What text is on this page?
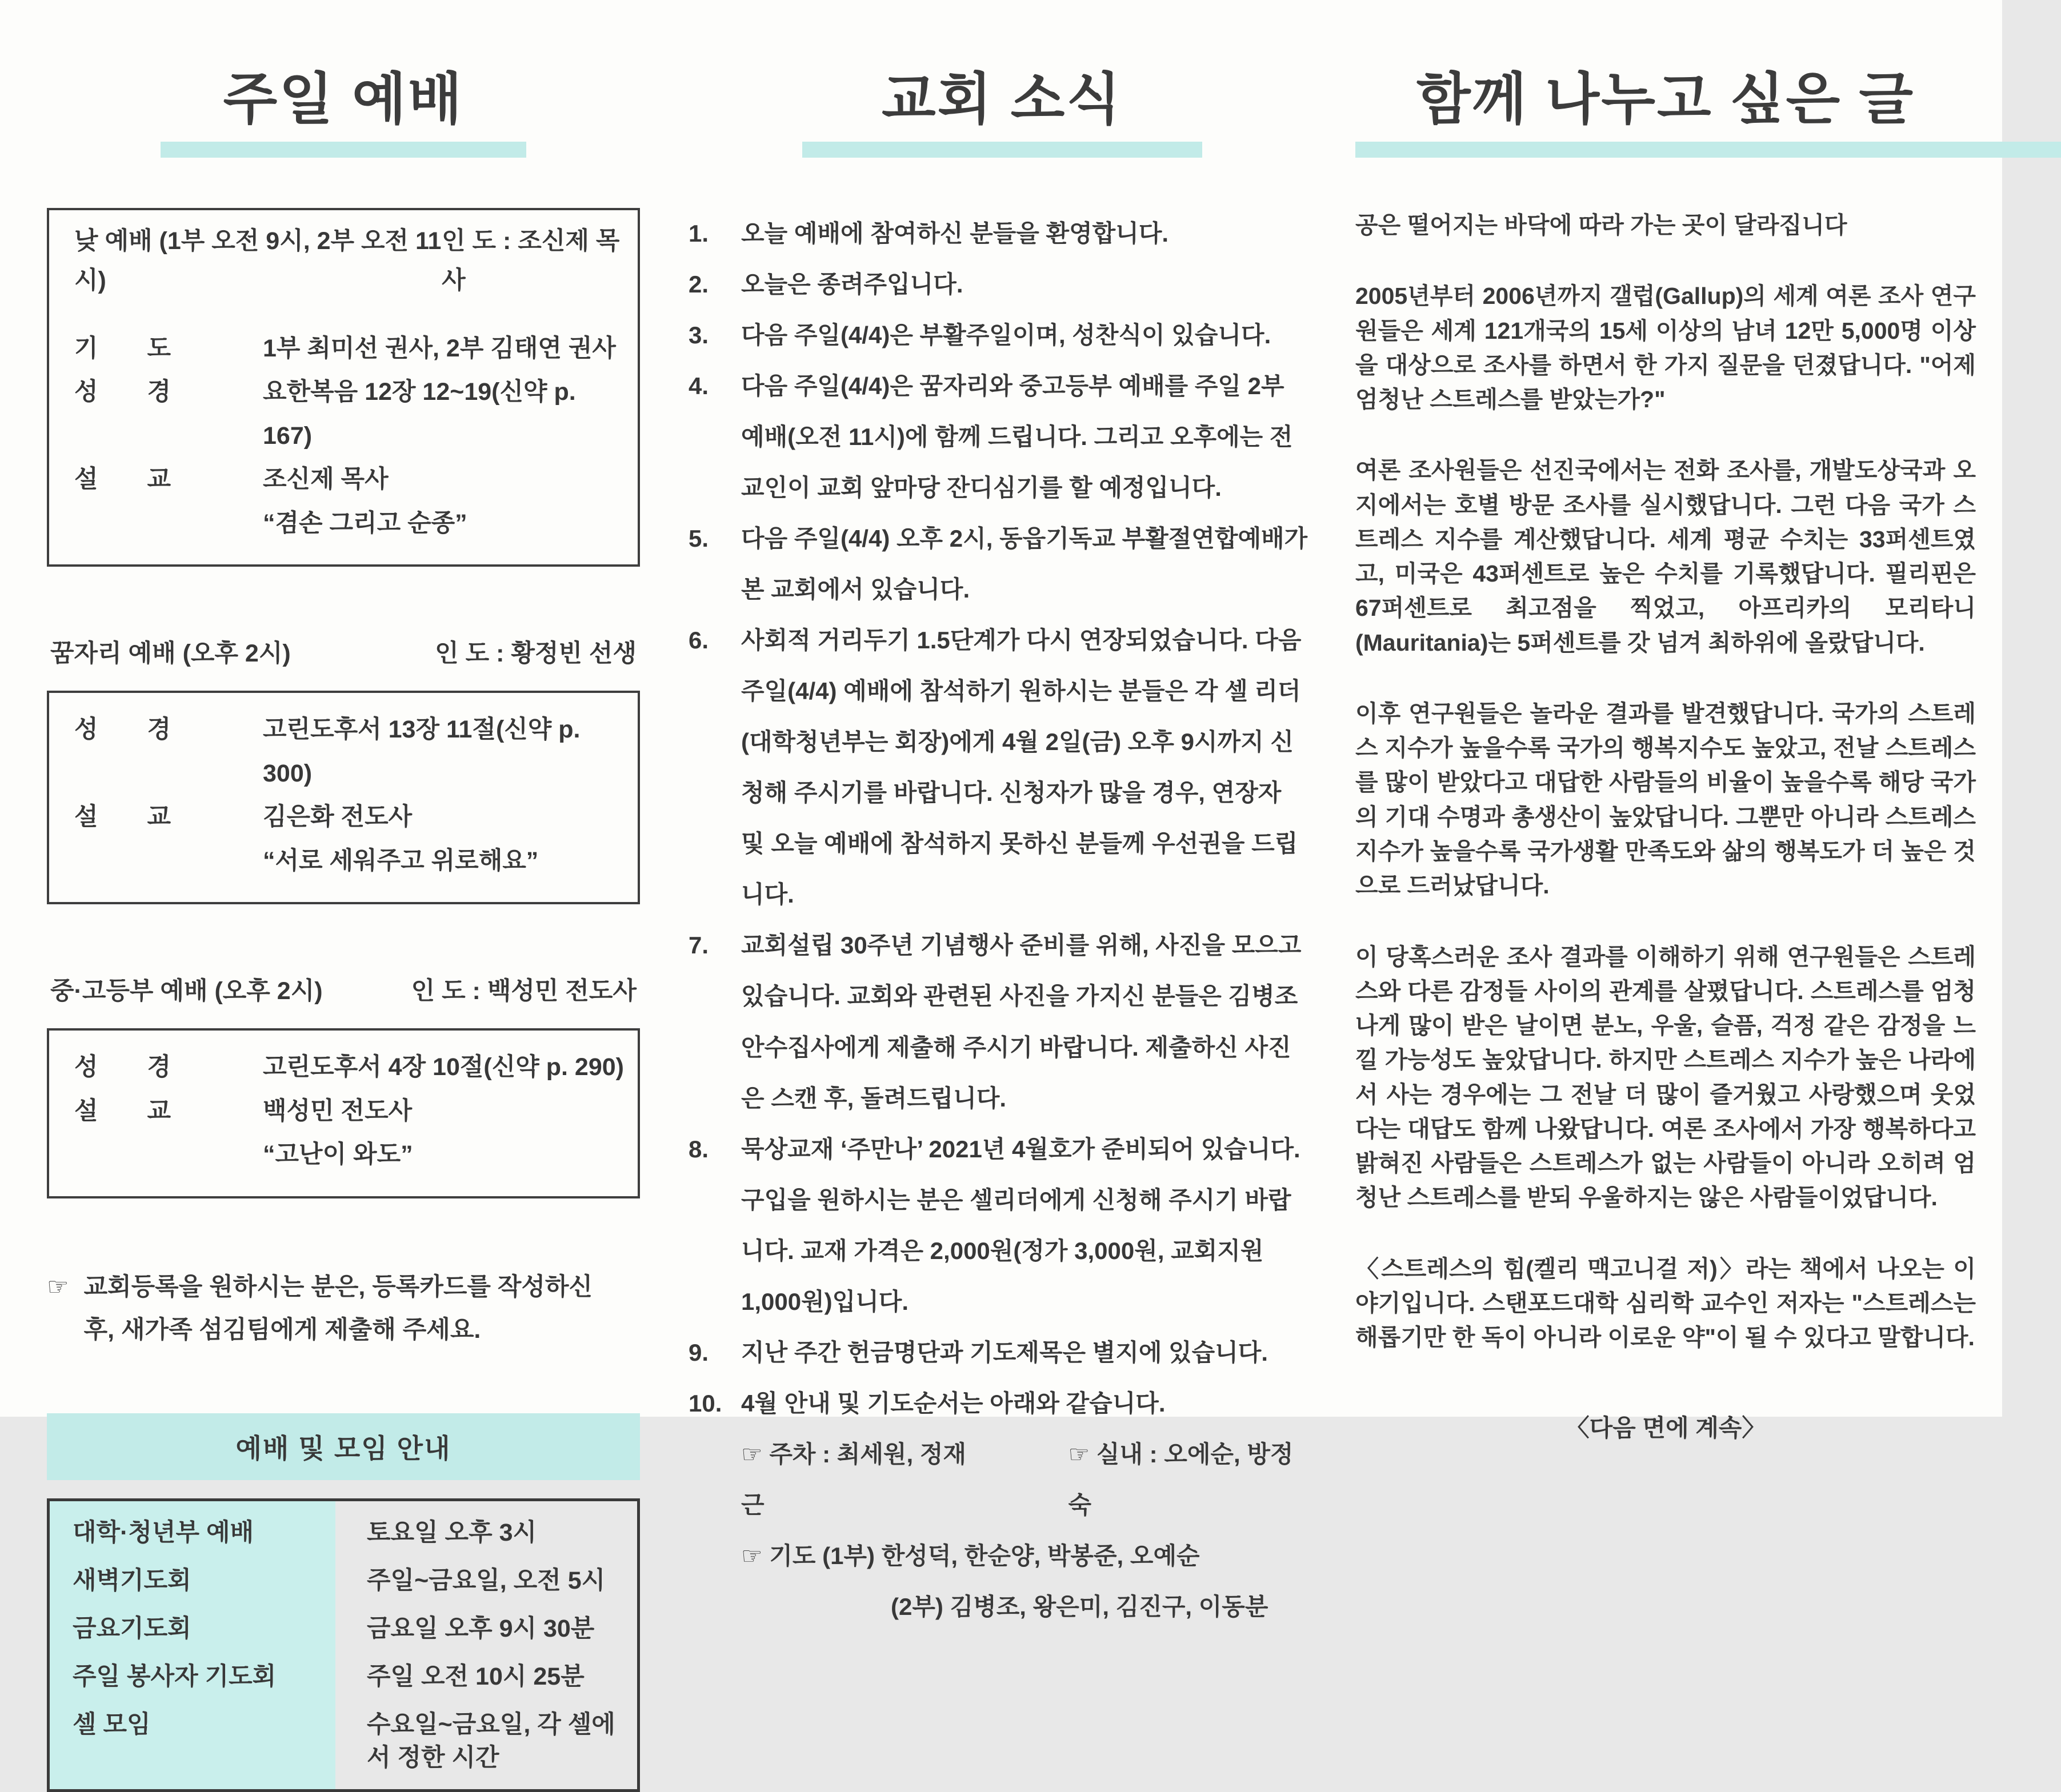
주일 예배
낮 예배 (1부 오전 9시, 2부 오전 11시)
인 도 : 조신제 목사
기　　도	1부 최미선 권사, 2부 김태연 권사
성　　경	요한복음 12장 12~19(신약 p. 167)
설　　교	조신제 목사
“겸손 그리고 순종”
꿈자리 예배 (오후 2시)	인 도 : 황정빈 선생
성　　경	고린도후서 13장 11절(신약 p. 300)
설　　교	김은화 전도사
“서로 세워주고 위로해요”
중·고등부 예배 (오후 2시)	인 도 : 백성민 전도사
성　　경	고린도후서 4장 10절(신약 p. 290)
설　　교	백성민 전도사
“고난이 와도”
☞ 교회등록을 원하시는 분은, 등록카드를 작성하신 후, 새가족 섬김팀에게 제출해 주세요.
예배 및 모임 안내
대학·청년부 예배	토요일 오후 3시
새벽기도회	주일~금요일, 오전 5시
금요기도회	금요일 오후 9시 30분
주일 봉사자 기도회	주일 오전 10시 25분
셀 모임	수요일~금요일, 각 셀에서 정한 시간
교회 소식
1.	오늘 예배에 참여하신 분들을 환영합니다.
2.	오늘은 종려주입니다.
3.	다음 주일(4/4)은 부활주일이며, 성찬식이 있습니다.
4.	다음 주일(4/4)은 꿈자리와 중고등부 예배를 주일 2부 예배(오전 11시)에 함께 드립니다. 그리고 오후에는 전교인이 교회 앞마당 잔디심기를 할 예정입니다.
5.	다음 주일(4/4) 오후 2시, 동읍기독교 부활절연합예배가 본 교회에서 있습니다.
6.	사회적 거리두기 1.5단계가 다시 연장되었습니다. 다음 주일(4/4) 예배에 참석하기 원하시는 분들은 각 셀 리더(대학청년부는 회장)에게 4월 2일(금) 오후 9시까지 신청해 주시기를 바랍니다. 신청자가 많을 경우, 연장자 및 오늘 예배에 참석하지 못하신 분들께 우선권을 드립니다.
7.	교회설립 30주년 기념행사 준비를 위해, 사진을 모으고 있습니다. 교회와 관련된 사진을 가지신 분들은 김병조 안수집사에게 제출해 주시기 바랍니다. 제출하신 사진은 스캔 후, 돌려드립니다.
8.	묵상교재 ‘주만나’ 2021년 4월호가 준비되어 있습니다. 구입을 원하시는 분은 셀리더에게 신청해 주시기 바랍니다. 교재 가격은 2,000원(정가 3,000원, 교회지원 1,000원)입니다.
9.	지난 주간 헌금명단과 기도제목은 별지에 있습니다.
10. 4월 안내 및 기도순서는 아래와 같습니다.
☞ 주차 : 최세원, 정재근
☞ 실내 : 오에순, 방정숙
☞ 기도 (1부) 한성덕, 한순양, 박봉준, 오예순
(2부) 김병조, 왕은미, 김진구, 이동분
함께 나누고 싶은 글

공은 떨어지는 바닥에 따라 가는 곳이 달라집니다

2005년부터 2006년까지 갤럽(Gallup)의 세계 여론 조사 연구원들은 세계 121개국의 15세 이상의 남녀 12만 5,000명 이상을 대상으로 조사를 하면서 한 가지 질문을 던졌답니다. "어제 엄청난 스트레스를 받았는가?"

여론 조사원들은 선진국에서는 전화 조사를, 개발도상국과 오지에서는 호별 방문 조사를 실시했답니다. 그런 다음 국가 스트레스 지수를 계산했답니다. 세계 평균 수치는 33퍼센트였고, 미국은 43퍼센트로 높은 수치를 기록했답니다. 필리핀은 67퍼센트로 최고점을 찍었고, 아프리카의 모리타니(Mauritania)는 5퍼센트를 갓 넘겨 최하위에 올랐답니다.

이후 연구원들은 놀라운 결과를 발견했답니다. 국가의 스트레스 지수가 높을수록 국가의 행복지수도 높았고, 전날 스트레스를 많이 받았다고 대답한 사람들의 비율이 높을수록 해당 국가의 기대 수명과 총생산이 높았답니다. 그뿐만 아니라 스트레스 지수가 높을수록 국가생활 만족도와 삶의 행복도가 더 높은 것으로 드러났답니다.

이 당혹스러운 조사 결과를 이해하기 위해 연구원들은 스트레스와 다른 감정들 사이의 관계를 살폈답니다. 스트레스를 엄청나게 많이 받은 날이면 분노, 우울, 슬픔, 걱정 같은 감정을 느낄 가능성도 높았답니다. 하지만 스트레스 지수가 높은 나라에서 사는 경우에는 그 전날 더 많이 즐거웠고 사랑했으며 웃었다는 대답도 함께 나왔답니다. 여론 조사에서 가장 행복하다고 밝혀진 사람들은 스트레스가 없는 사람들이 아니라 오히려 엄청난 스트레스를 받되 우울하지는 않은 사람들이었답니다.

〈스트레스의 힘(켈리 맥고니걸 저)〉라는 책에서 나오는 이야기입니다. 스탠포드대학 심리학 교수인 저자는 "스트레스는 해롭기만 한 독이 아니라 이로운 약"이 될 수 있다고 말합니다.

〈다음 면에 계속〉
